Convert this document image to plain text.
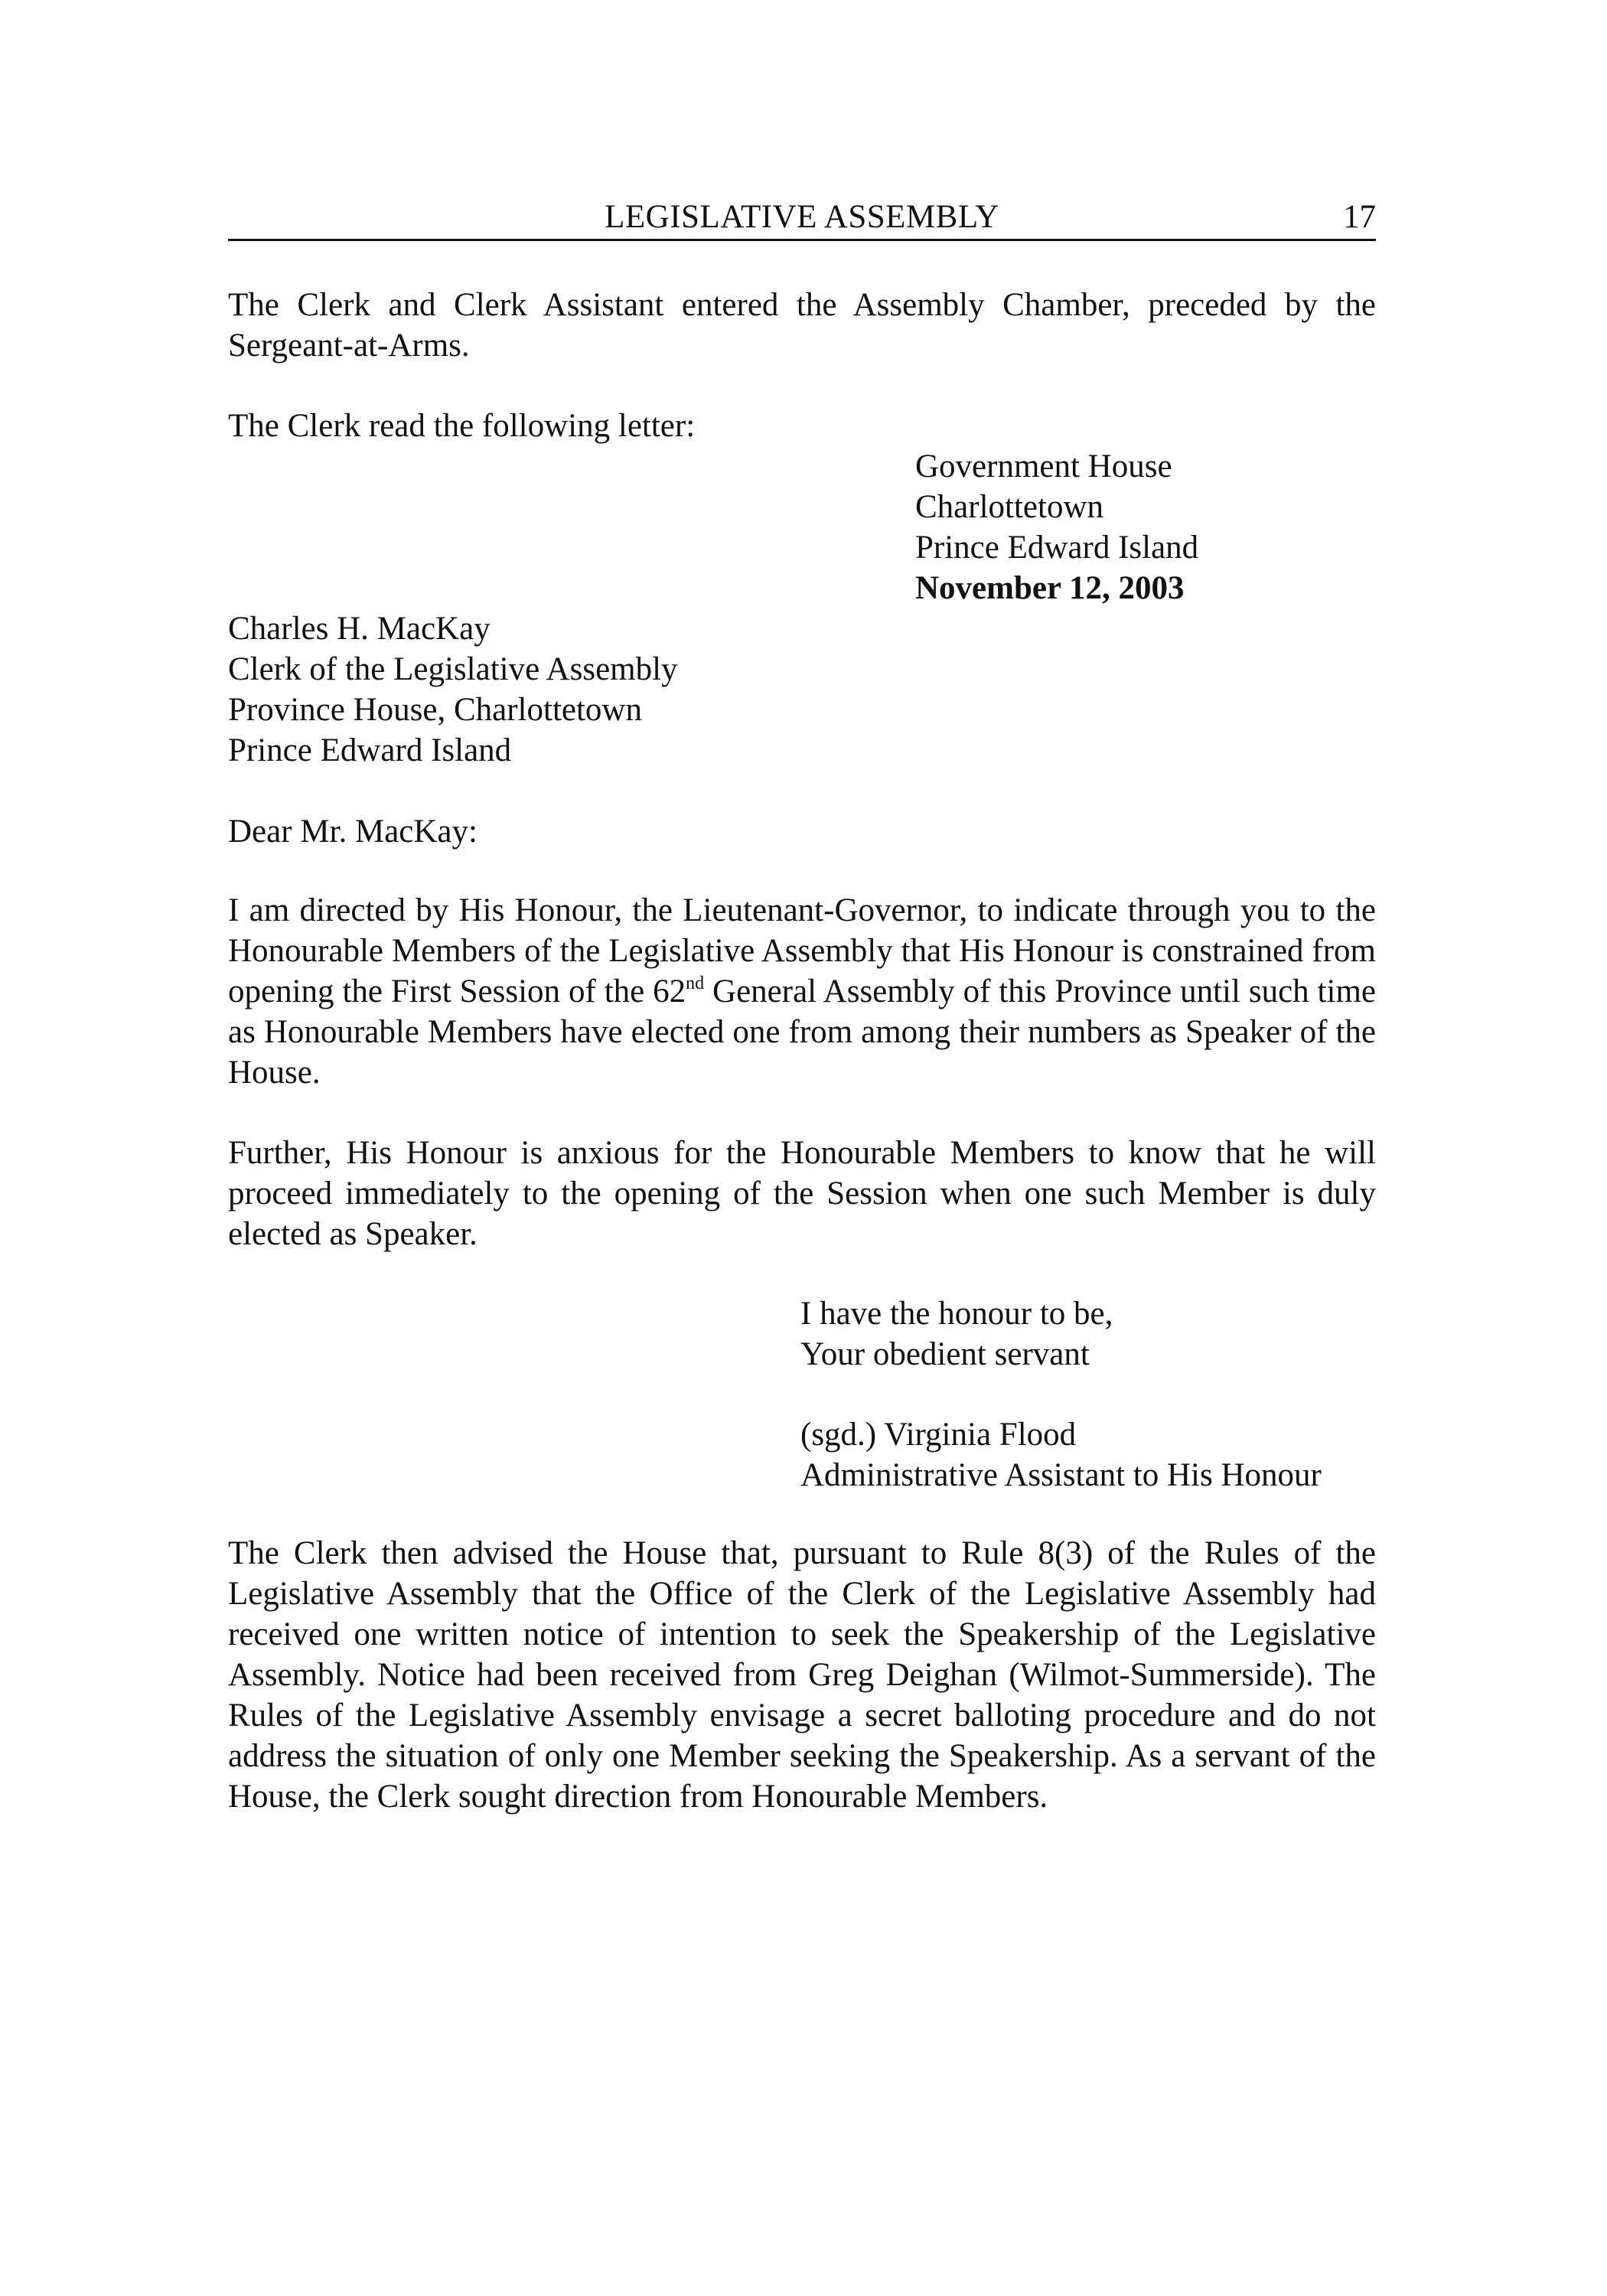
LEGISLATIVE ASSEMBLY	17

The Clerk and Clerk Assistant entered the Assembly Chamber, preceded by the Sergeant-at-Arms.

The Clerk read the following letter:

Government House
Charlottetown
Prince Edward Island
November 12, 2003
Charles H. MacKay
Clerk of the Legislative Assembly
Province House, Charlottetown
Prince Edward Island

Dear Mr. MacKay:

I am directed by His Honour, the Lieutenant-Governor, to indicate through you to the Honourable Members of the Legislative Assembly that His Honour is constrained from opening the First Session of the 62nd General Assembly of this Province until such time as Honourable Members have elected one from among their numbers as Speaker of the House.

Further, His Honour is anxious for the Honourable Members to know that he will proceed immediately to the opening of the Session when one such Member is duly elected as Speaker.

I have the honour to be,
Your obedient servant
(sgd.) Virginia Flood
Administrative Assistant to His Honour

The Clerk then advised the House that, pursuant to Rule 8(3) of the Rules of the Legislative Assembly that the Office of the Clerk of the Legislative Assembly had received one written notice of intention to seek the Speakership of the Legislative Assembly. Notice had been received from Greg Deighan (Wilmot-Summerside). The Rules of the Legislative Assembly envisage a secret balloting procedure and do not address the situation of only one Member seeking the Speakership. As a servant of the House, the Clerk sought direction from Honourable Members.
